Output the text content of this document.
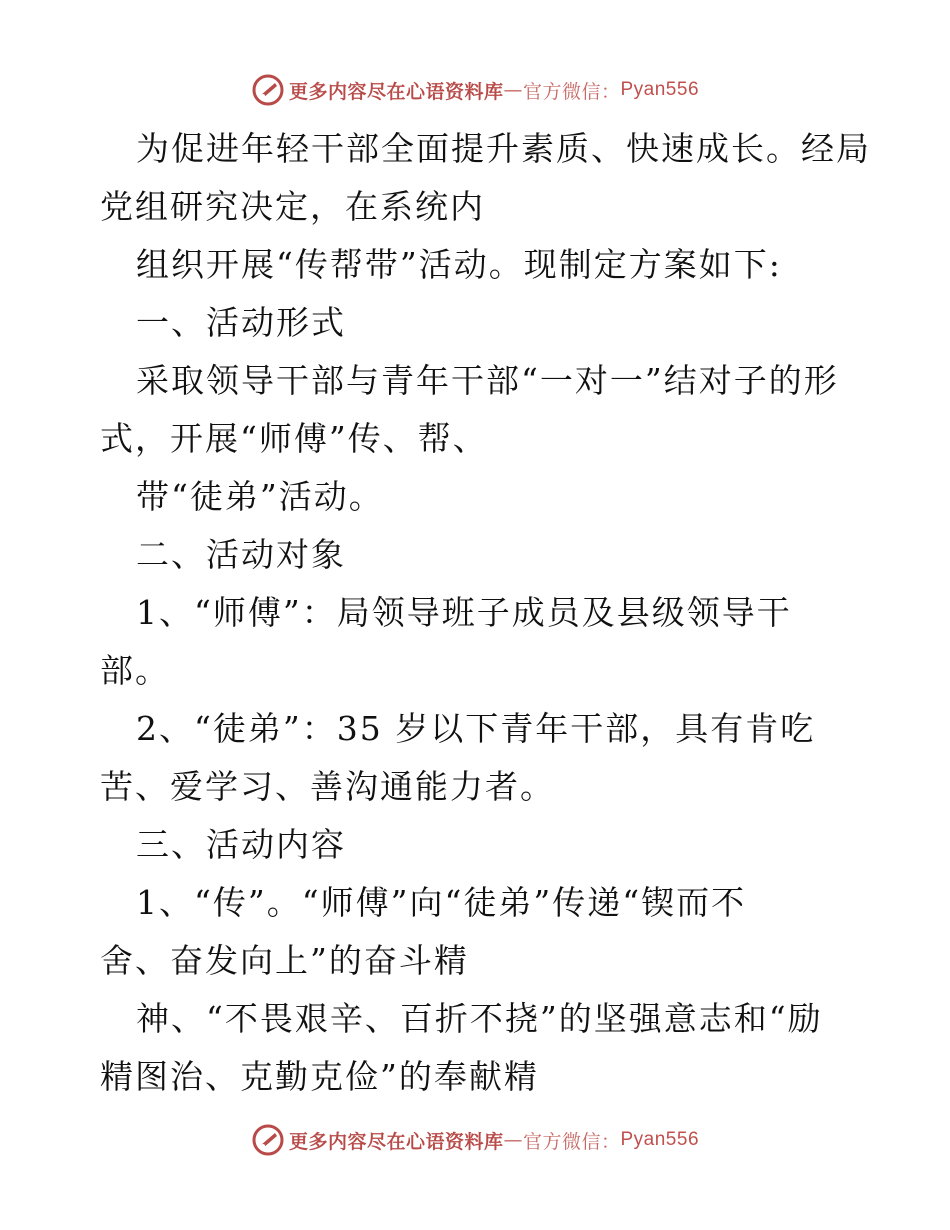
更多内容尽在心语资料库 — 官方微信： Pyan556
为促进年轻干部全面提升素质、快速成长。经局
党组研究决定，在系统内
组织开展“传帮带”活动。现制定方案如下:
一、活动形式
采取领导干部与青年干部“一对一”结对子的形
式，开展“师傅”传、帮、
带“徒弟”活动。
二、活动对象
1、“师傅”：局领导班子成员及县级领导干
部。
2、“徒弟”：35 岁以下青年干部，具有肯吃
苦、爱学习、善沟通能力者。
三、活动内容
1、“传”。“师傅”向“徒弟”传递“锲而不
舍、奋发向上”的奋斗精
神、“不畏艰辛、百折不挠”的坚强意志和“励
精图治、克勤克俭”的奉献精
更多内容尽在心语资料库 — 官方微信： Pyan556
